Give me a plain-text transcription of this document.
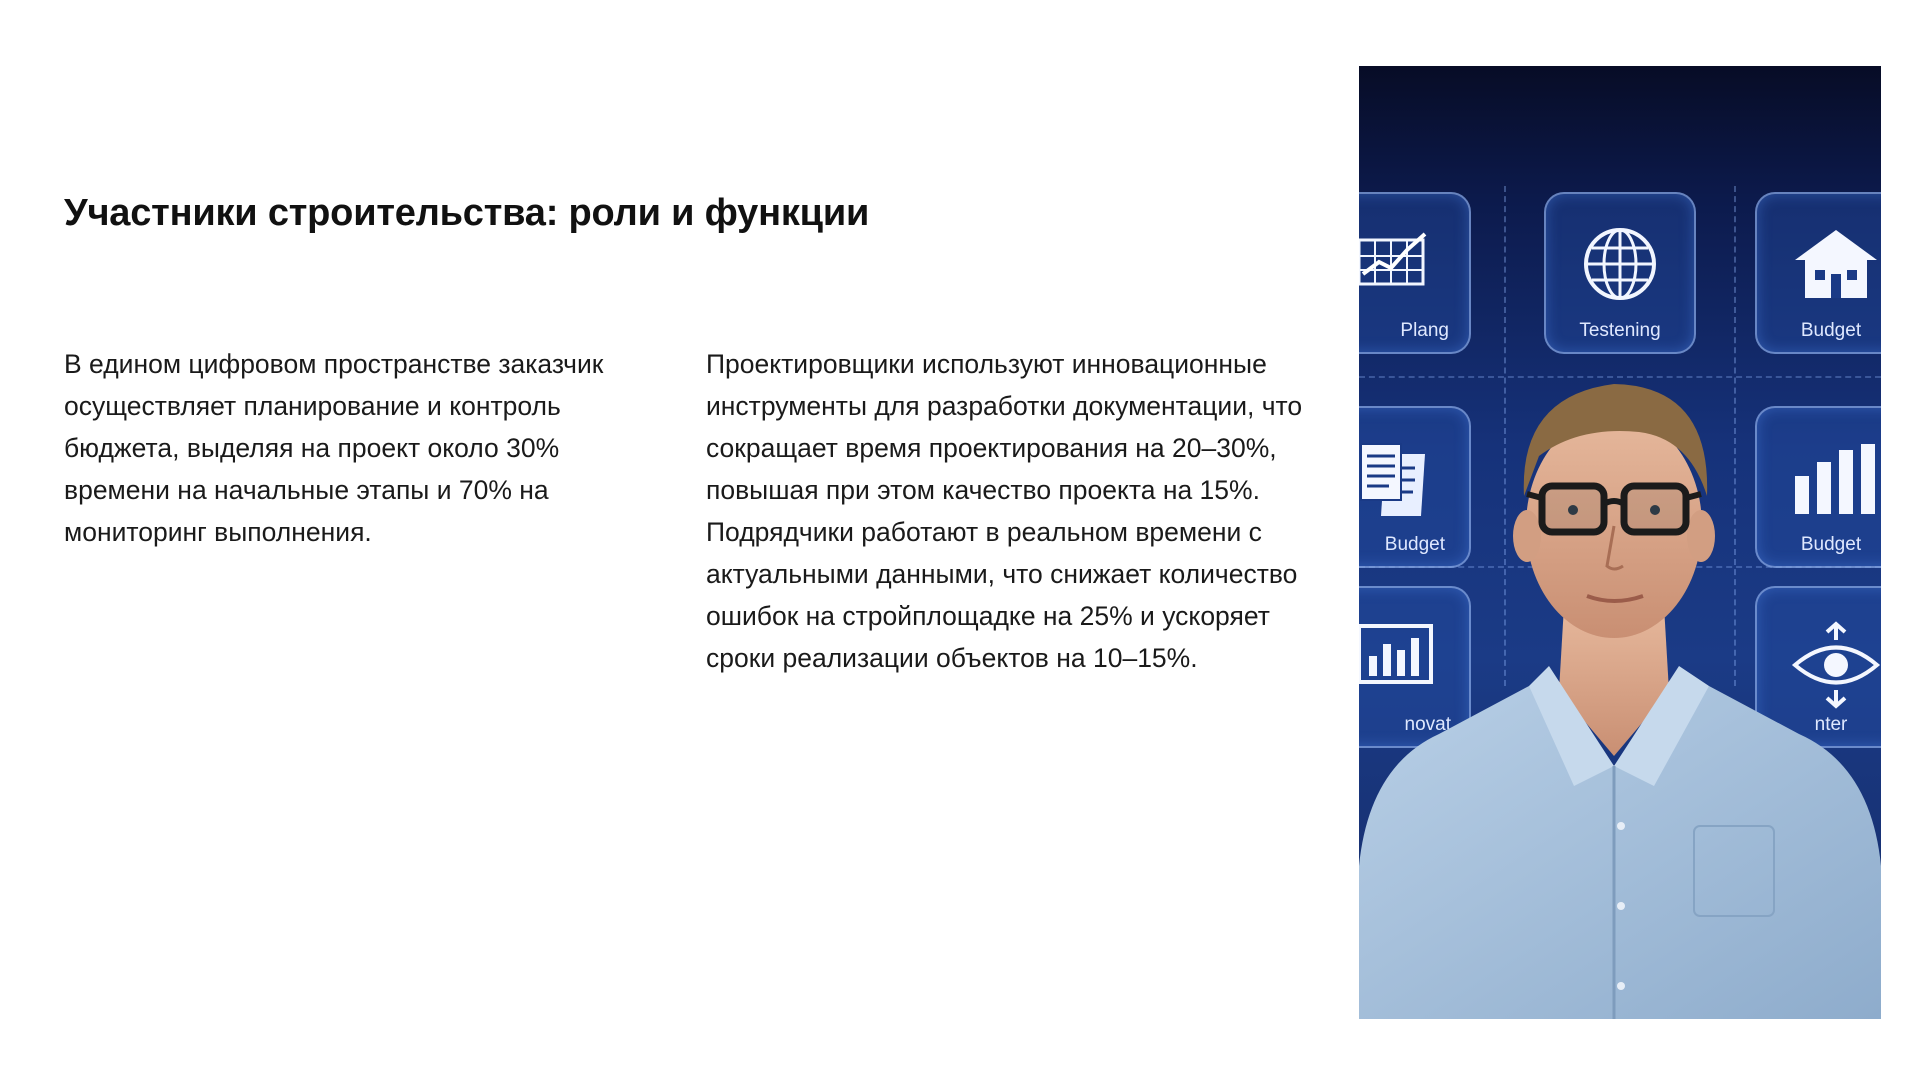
Участники строительства: роли и функции

В едином цифровом пространстве заказчик осуществляет планирование и контроль бюджета, выделяя на проект около 30% времени на начальные этапы и 70% на мониторинг выполнения.

Проектировщики используют инновационные инструменты для разработки документации, что сокращает время проектирования на 20–30%, повышая при этом качество проекта на 15%. Подрядчики работают в реальном времени с актуальными данными, что снижает количество ошибок на стройплощадке на 25% и ускоряет сроки реализации объектов на 10–15%.

Plang	Testening	Budget
Budget	Budget
novat	nter
